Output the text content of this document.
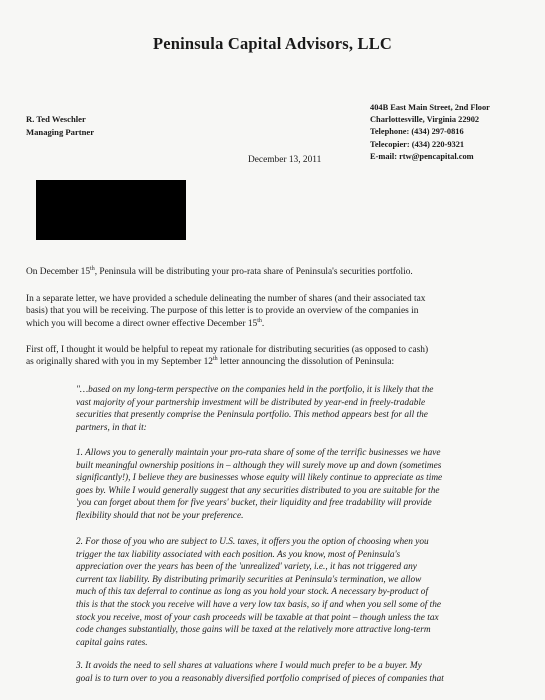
Peninsula Capital Advisors, LLC
R. Ted Weschler
Managing Partner
404B East Main Street, 2nd Floor
Charlottesville, Virginia 22902
Telephone: (434) 297-0816
Telecopier: (434) 220-9321
E-mail: rtw@pencapital.com
December 13, 2011
On December 15th, Peninsula will be distributing your pro-rata share of Peninsula's securities portfolio.
In a separate letter, we have provided a schedule delineating the number of shares (and their associated tax
basis) that you will be receiving. The purpose of this letter is to provide an overview of the companies in
which you will become a direct owner effective December 15th.
First off, I thought it would be helpful to repeat my rationale for distributing securities (as opposed to cash)
as originally shared with you in my September 12th letter announcing the dissolution of Peninsula:
"…based on my long-term perspective on the companies held in the portfolio, it is likely that the
vast majority of your partnership investment will be distributed by year-end in freely-tradable
securities that presently comprise the Peninsula portfolio. This method appears best for all the
partners, in that it:
1. Allows you to generally maintain your pro-rata share of some of the terrific businesses we have
built meaningful ownership positions in – although they will surely move up and down (sometimes
significantly!), I believe they are businesses whose equity will likely continue to appreciate as time
goes by. While I would generally suggest that any securities distributed to you are suitable for the
'you can forget about them for five years' bucket, their liquidity and free tradability will provide
flexibility should that not be your preference.
2. For those of you who are subject to U.S. taxes, it offers you the option of choosing when you
trigger the tax liability associated with each position. As you know, most of Peninsula's
appreciation over the years has been of the 'unrealized' variety, i.e., it has not triggered any
current tax liability. By distributing primarily securities at Peninsula's termination, we allow
much of this tax deferral to continue as long as you hold your stock. A necessary by-product of
this is that the stock you receive will have a very low tax basis, so if and when you sell some of the
stock you receive, most of your cash proceeds will be taxable at that point – though unless the tax
code changes substantially, those gains will be taxed at the relatively more attractive long-term
capital gains rates.
3. It avoids the need to sell shares at valuations where I would much prefer to be a buyer. My
goal is to turn over to you a reasonably diversified portfolio comprised of pieces of companies that
